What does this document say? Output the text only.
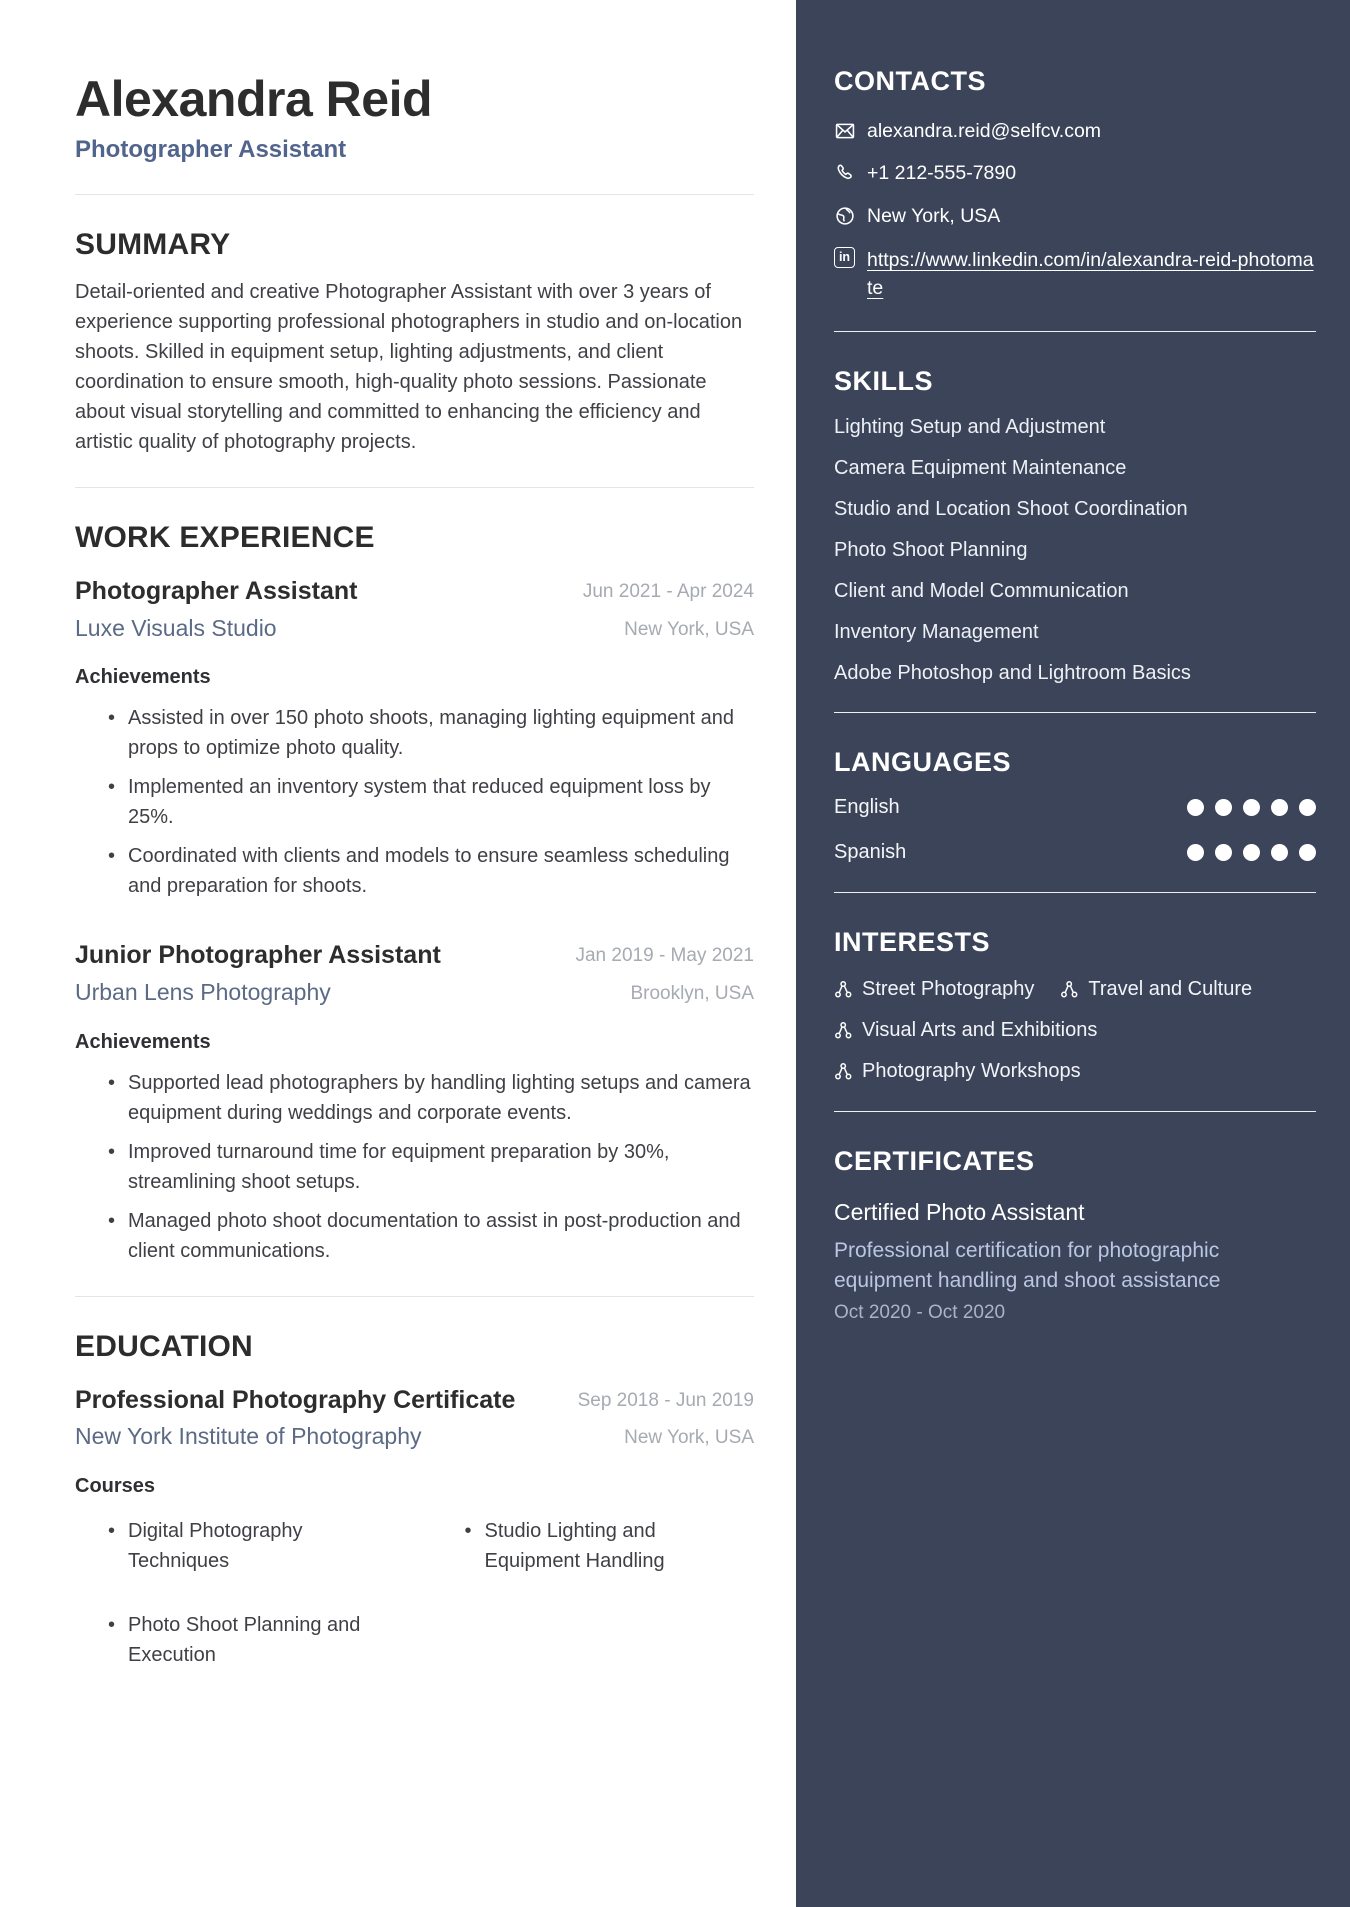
Alexandra Reid
Photographer Assistant
SUMMARY

Detail-oriented and creative Photographer Assistant with over 3 years of experience supporting professional photographers in studio and on-location shoots. Skilled in equipment setup, lighting adjustments, and client coordination to ensure smooth, high-quality photo sessions. Passionate about visual storytelling and committed to enhancing the efficiency and artistic quality of photography projects.

WORK EXPERIENCE
Photographer Assistant
Luxe Visuals Studio
Jun 2021 - Apr 2024
New York, USA
Achievements
• Assisted in over 150 photo shoots, managing lighting equipment and props to optimize photo quality.
• Implemented an inventory system that reduced equipment loss by 25%.
• Coordinated with clients and models to ensure seamless scheduling and preparation for shoots.
Junior Photographer Assistant
Urban Lens Photography
Jan 2019 - May 2021
Brooklyn, USA
Achievements
• Supported lead photographers by handling lighting setups and camera equipment during weddings and corporate events.
• Improved turnaround time for equipment preparation by 30%, streamlining shoot setups.
• Managed photo shoot documentation to assist in post-production and client communications.
EDUCATION
Professional Photography Certificate
New York Institute of Photography
Sep 2018 - Jun 2019
New York, USA
Courses
• Digital Photography Techniques
• Photo Shoot Planning and Execution
• Studio Lighting and Equipment Handling
CONTACTS
alexandra.reid@selfcv.com
+1 212-555-7890
New York, USA
in https://www.linkedin.com/in/alexandra-reid-photomate
SKILLS
Lighting Setup and Adjustment
Camera Equipment Maintenance
Studio and Location Shoot Coordination
Photo Shoot Planning
Client and Model Communication
Inventory Management
Adobe Photoshop and Lightroom Basics
LANGUAGES
English
Spanish
INTERESTS
Street Photography	Travel and Culture
Visual Arts and Exhibitions
Photography Workshops
CERTIFICATES
Certified Photo Assistant
Professional certification for photographic equipment handling and shoot assistance
Oct 2020 - Oct 2020
